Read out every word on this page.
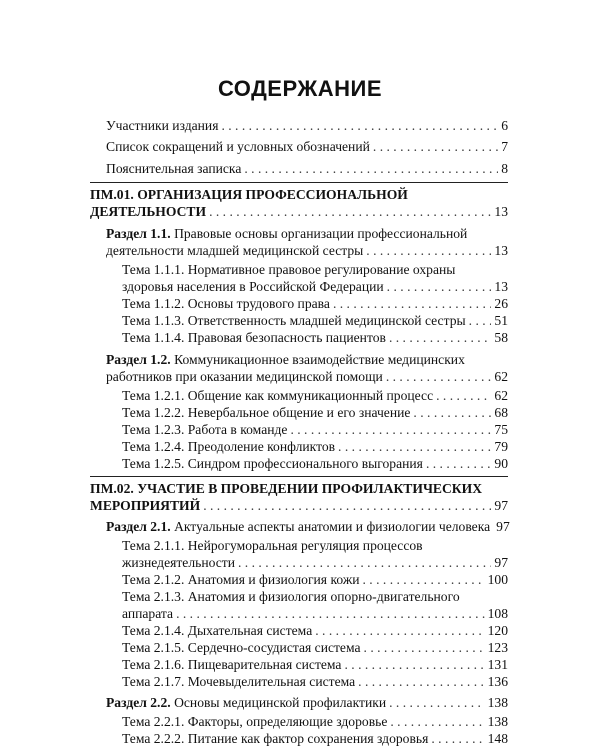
СОДЕРЖАНИЕ
Участники издания . . .	6
Список сокращений и условных обозначений . . .	7
Пояснительная записка . . .	8
ПМ.01. ОРГАНИЗАЦИЯ ПРОФЕССИОНАЛЬНОЙ
ДЕЯТЕЛЬНОСТИ . . .	13
Раздел 1.1. Правовые основы организации профессиональной
деятельности младшей медицинской сестры . . .	13
Тема 1.1.1. Нормативное правовое регулирование охраны
здоровья населения в Российской Федерации . . .	13
Тема 1.1.2. Основы трудового права . . .	26
Тема 1.1.3. Ответственность младшей медицинской сестры . . . 51
Тема 1.1.4. Правовая безопасность пациентов . . .	58
Раздел 1.2. Коммуникационное взаимодействие медицинских
работников при оказании медицинской помощи . . .	62
Тема 1.2.1. Общение как коммуникационный процесс . . .	62
Тема 1.2.2. Невербальное общение и его значение . . .	68
Тема 1.2.3. Работа в команде . . .	75
Тема 1.2.4. Преодоление конфликтов . . .	79
Тема 1.2.5. Синдром профессионального выгорания . . .	90
ПМ.02. УЧАСТИЕ В ПРОВЕДЕНИИ ПРОФИЛАКТИЧЕСКИХ
МЕРОПРИЯТИЙ . . .	97
Раздел 2.1. Актуальные аспекты анатомии и физиологии человека 97
Тема 2.1.1. Нейрогуморальная регуляция процессов
жизнедеятельности . . .	97
Тема 2.1.2. Анатомия и физиология кожи . . .	100
Тема 2.1.3. Анатомия и физиология опорно-двигательного
аппарата . . .	108
Тема 2.1.4. Дыхательная система . . .	120
Тема 2.1.5. Сердечно-сосудистая система . . .	123
Тема 2.1.6. Пищеварительная система . . .	131
Тема 2.1.7. Мочевыделительная система . . .	136
Раздел 2.2. Основы медицинской профилактики . . .	138
Тема 2.2.1. Факторы, определяющие здоровье . . .	138
Тема 2.2.2. Питание как фактор сохранения здоровья . . .	148
